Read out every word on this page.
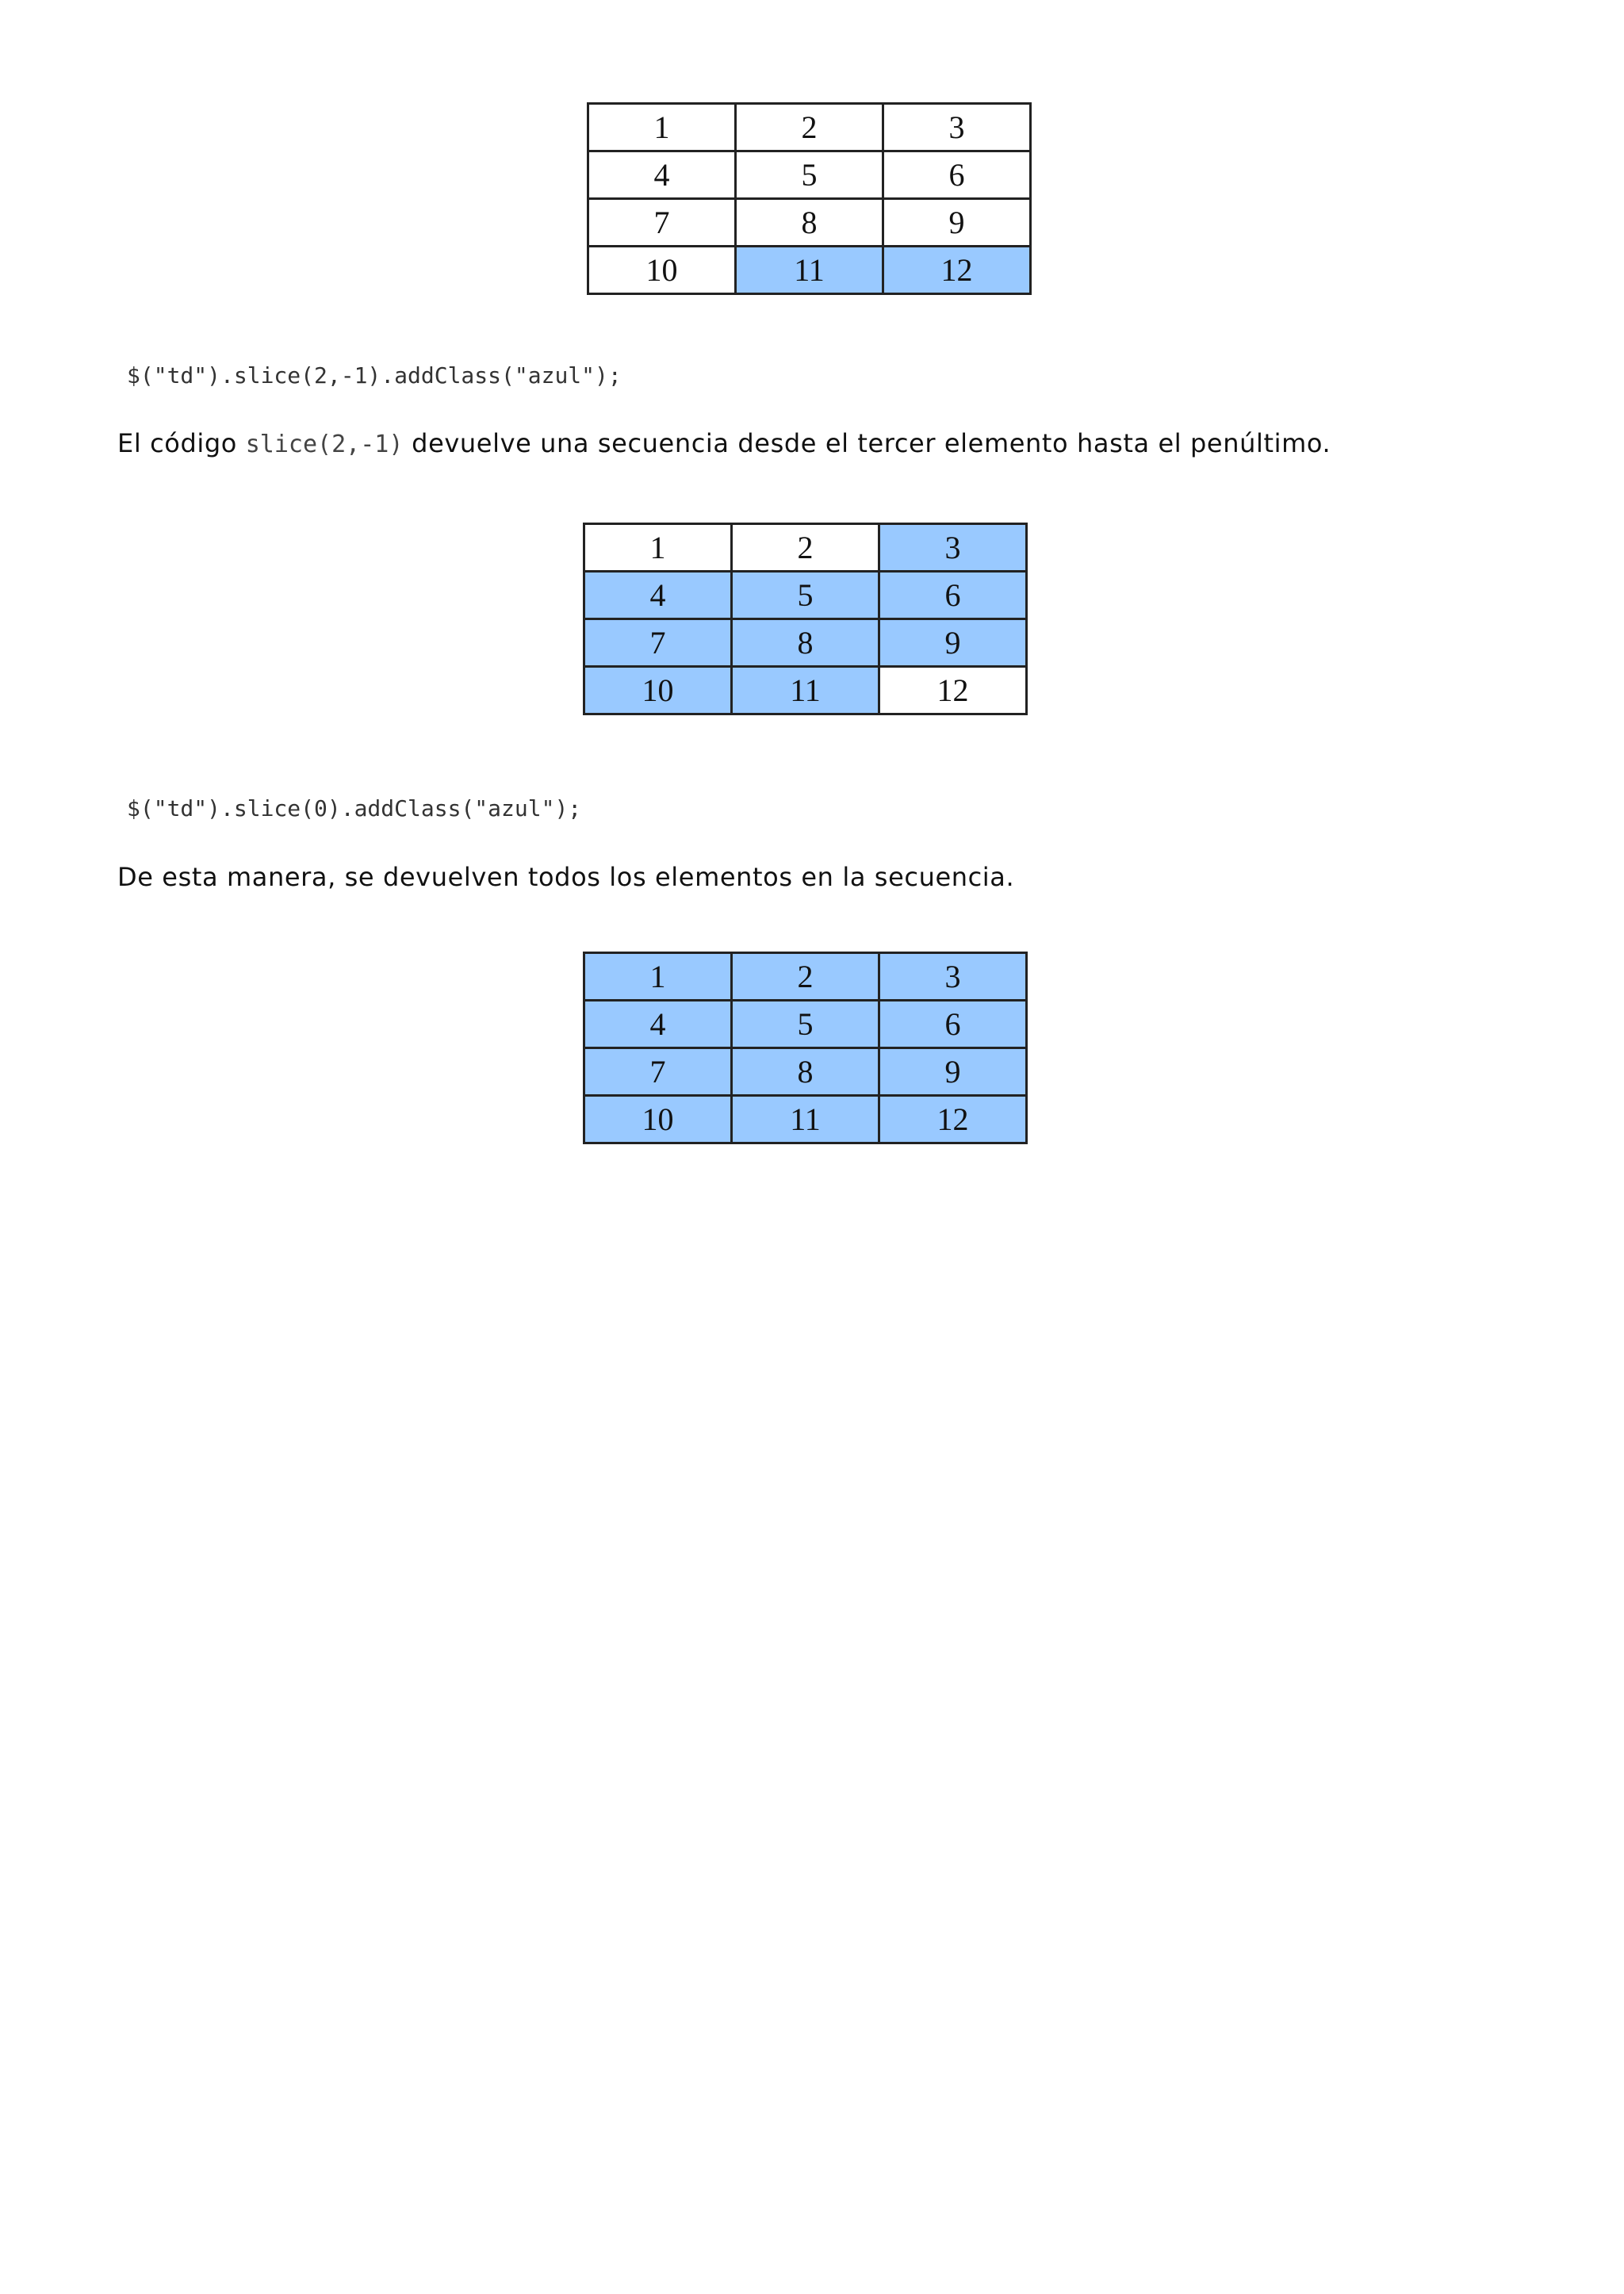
1	2	3
4	5	6
7	8	9
10	11	12
$("td").slice(2,-1).addClass("azul");
El código slice(2,-1) devuelve una secuencia desde el tercer elemento hasta el penúltimo.
1	2	3
4	5	6
7	8	9
10	11	12
$("td").slice(0).addClass("azul");
De esta manera, se devuelven todos los elementos en la secuencia.
1	2	3
4	5	6
7	8	9
10	11	12
